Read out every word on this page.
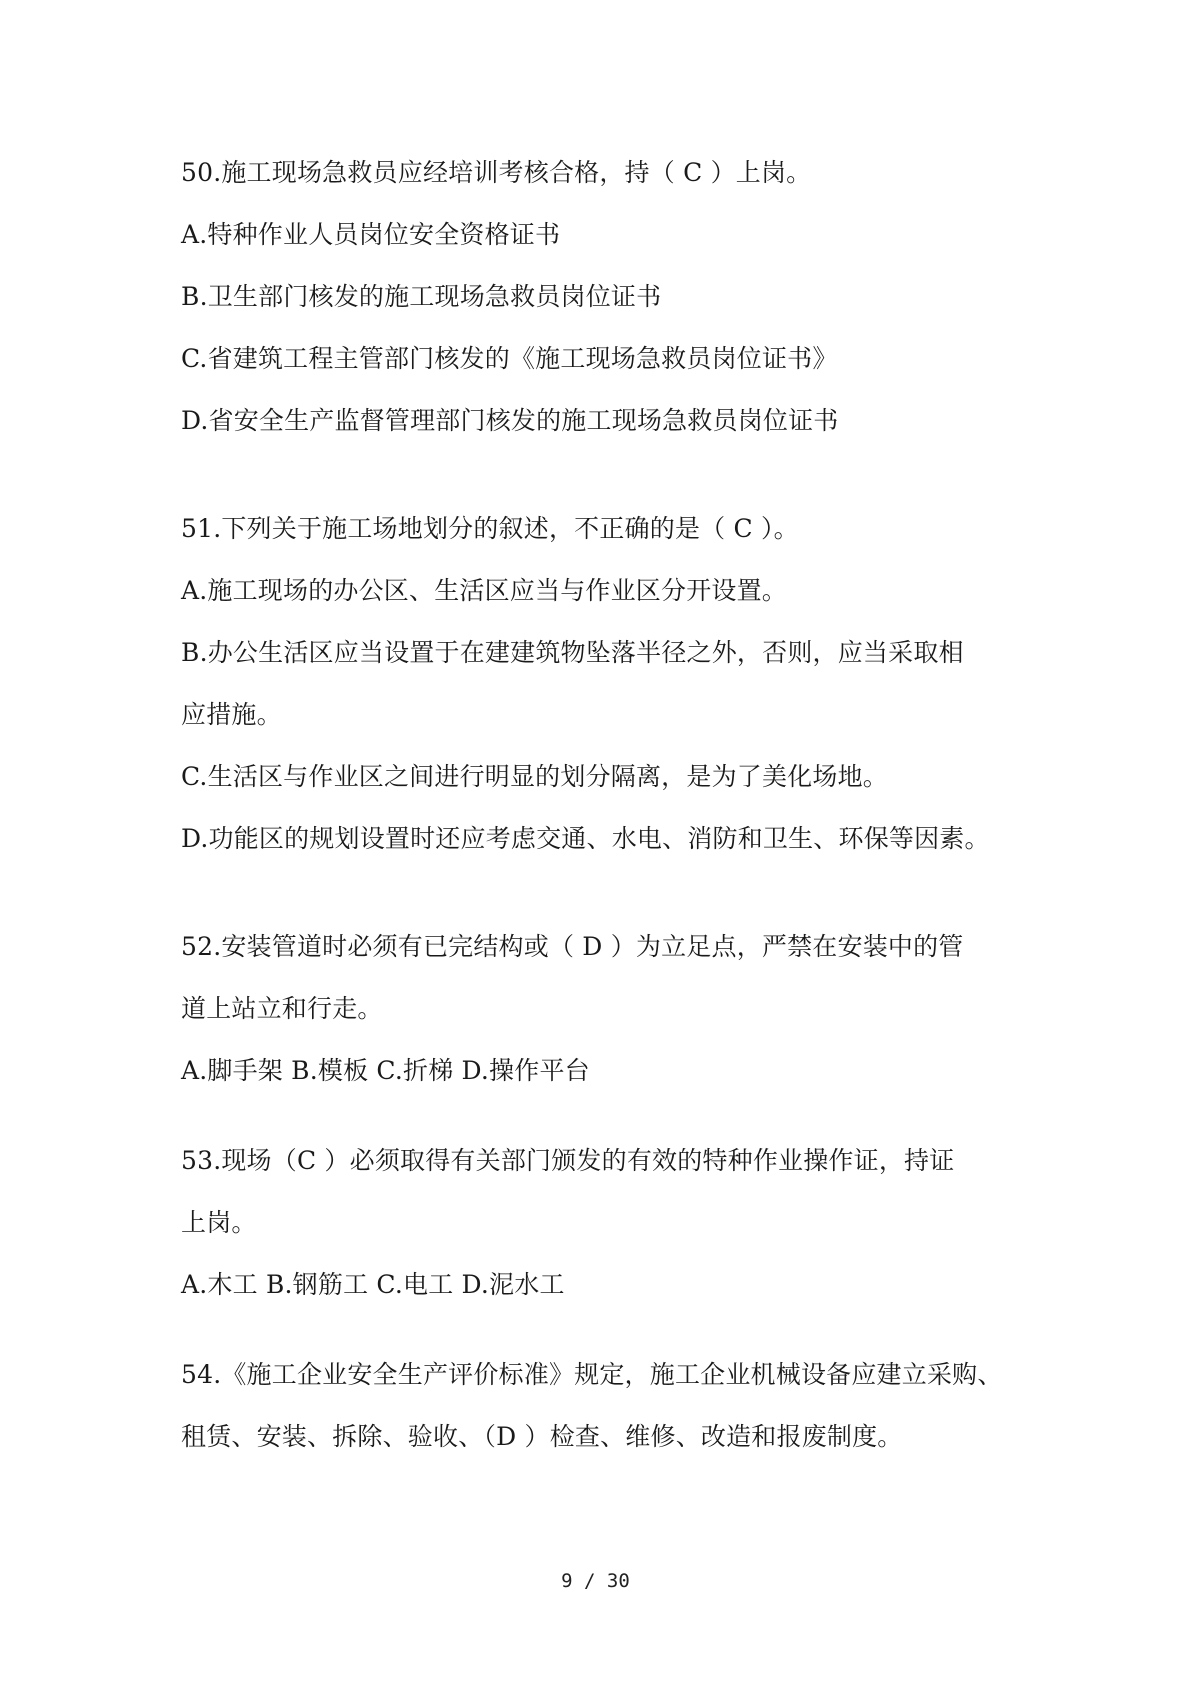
50.施工现场急救员应经培训考核合格，持（ C ）上岗。
A.特种作业人员岗位安全资格证书
B.卫生部门核发的施工现场急救员岗位证书
C.省建筑工程主管部门核发的《施工现场急救员岗位证书》
D.省安全生产监督管理部门核发的施工现场急救员岗位证书
51.下列关于施工场地划分的叙述，不正确的是（ C ）。
A.施工现场的办公区、生活区应当与作业区分开设置。
B.办公生活区应当设置于在建建筑物坠落半径之外，否则，应当采取相
应措施。
C.生活区与作业区之间进行明显的划分隔离，是为了美化场地。
D.功能区的规划设置时还应考虑交通、水电、消防和卫生、环保等因素。
52.安装管道时必须有已完结构或（ D ）为立足点，严禁在安装中的管
道上站立和行走。
A.脚手架 B.模板 C.折梯 D.操作平台
53.现场（C ）必须取得有关部门颁发的有效的特种作业操作证，持证
上岗。
A.木工 B.钢筋工 C.电工 D.泥水工
54.《施工企业安全生产评价标准》规定，施工企业机械设备应建立采购、
租赁、安装、拆除、验收、（D ）检查、维修、改造和报废制度。
9 / 30
